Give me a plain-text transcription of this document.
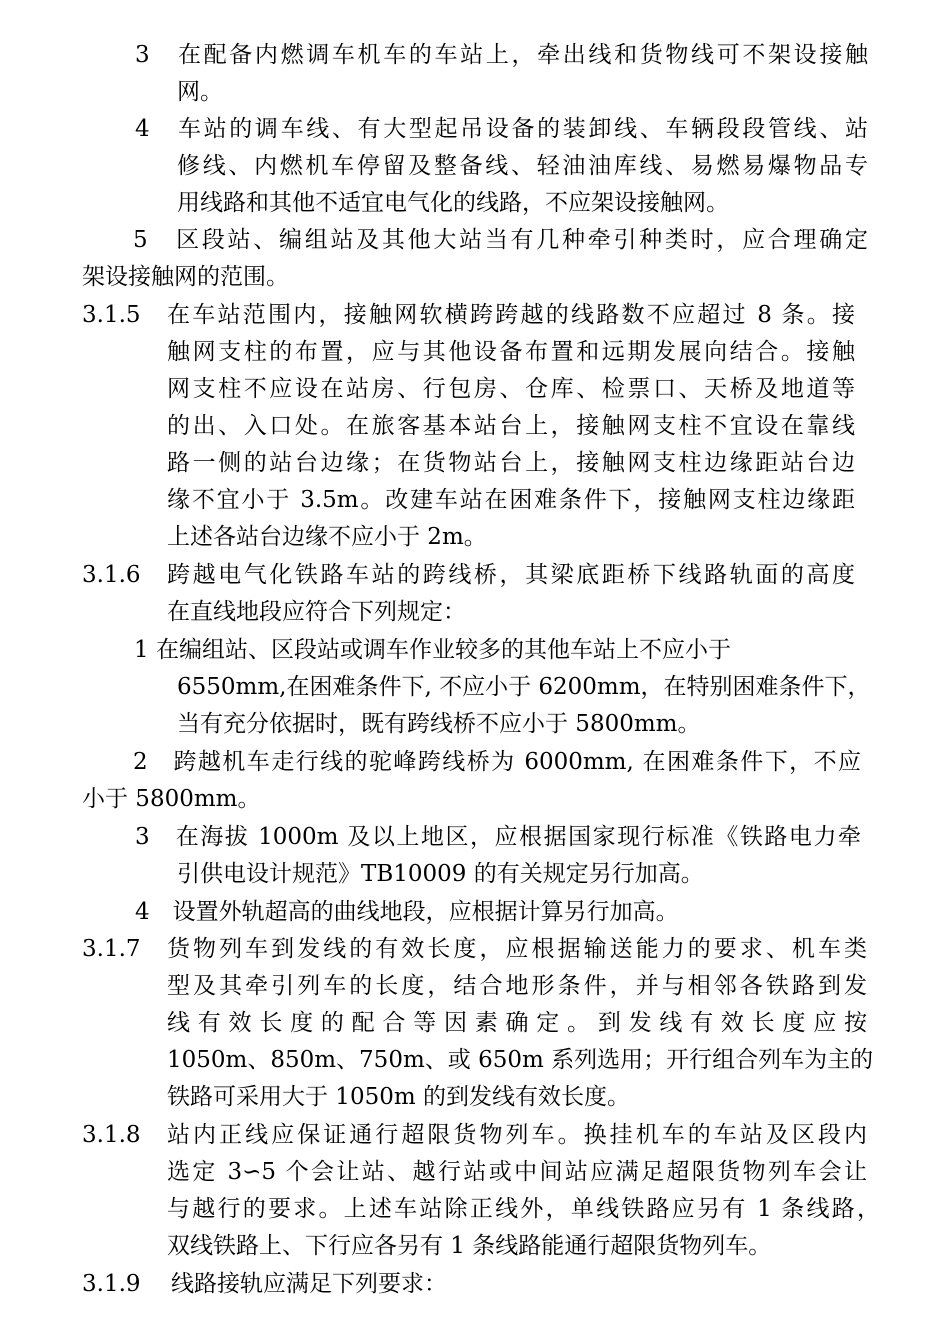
3　在配备内燃调车机车的车站上，牵出线和货物线可不架设接触
网。
4　车站的调车线、有大型起吊设备的装卸线、车辆段段管线、站
修线、内燃机车停留及整备线、轻油油库线、易燃易爆物品专
用线路和其他不适宜电气化的线路，不应架设接触网。
5　区段站、编组站及其他大站当有几种牵引种类时，应合理确定
架设接触网的范围。
3.1.5 在车站范围内，接触网软横跨跨越的线路数不应超过 8 条。接
触网支柱的布置，应与其他设备布置和远期发展向结合。接触
网支柱不应设在站房、行包房、仓库、检票口、天桥及地道等
的出、入口处。在旅客基本站台上，接触网支柱不宜设在靠线
路一侧的站台边缘；在货物站台上，接触网支柱边缘距站台边
缘不宜小于 3.5m。改建车站在困难条件下，接触网支柱边缘距
上述各站台边缘不应小于 2m。
3.1.6 跨越电气化铁路车站的跨线桥，其梁底距桥下线路轨面的高度
在直线地段应符合下列规定：
1 在编组站、区段站或调车作业较多的其他车站上不应小于
6550mm,在困难条件下, 不应小于 6200mm，在特别困难条件下，
当有充分依据时，既有跨线桥不应小于 5800mm。
2　跨越机车走行线的驼峰跨线桥为 6000mm, 在困难条件下，不应
小于 5800mm。
3　在海拔 1000m 及以上地区，应根据国家现行标准《铁路电力牵
引供电设计规范》TB10009 的有关规定另行加高。
4　设置外轨超高的曲线地段，应根据计算另行加高。
3.1.7 货物列车到发线的有效长度，应根据输送能力的要求、机车类
型及其牵引列车的长度，结合地形条件，并与相邻各铁路到发
线有效长度的配合等因素确定。到发线有效长度应按
1050m、850m、750m、或 650m 系列选用；开行组合列车为主的
铁路可采用大于 1050m 的到发线有效长度。
3.1.8 站内正线应保证通行超限货物列车。换挂机车的车站及区段内
选定 3∽5 个会让站、越行站或中间站应满足超限货物列车会让
与越行的要求。上述车站除正线外，单线铁路应另有 1 条线路，
双线铁路上、下行应各另有 1 条线路能通行超限货物列车。
3.1.9 线路接轨应满足下列要求：
